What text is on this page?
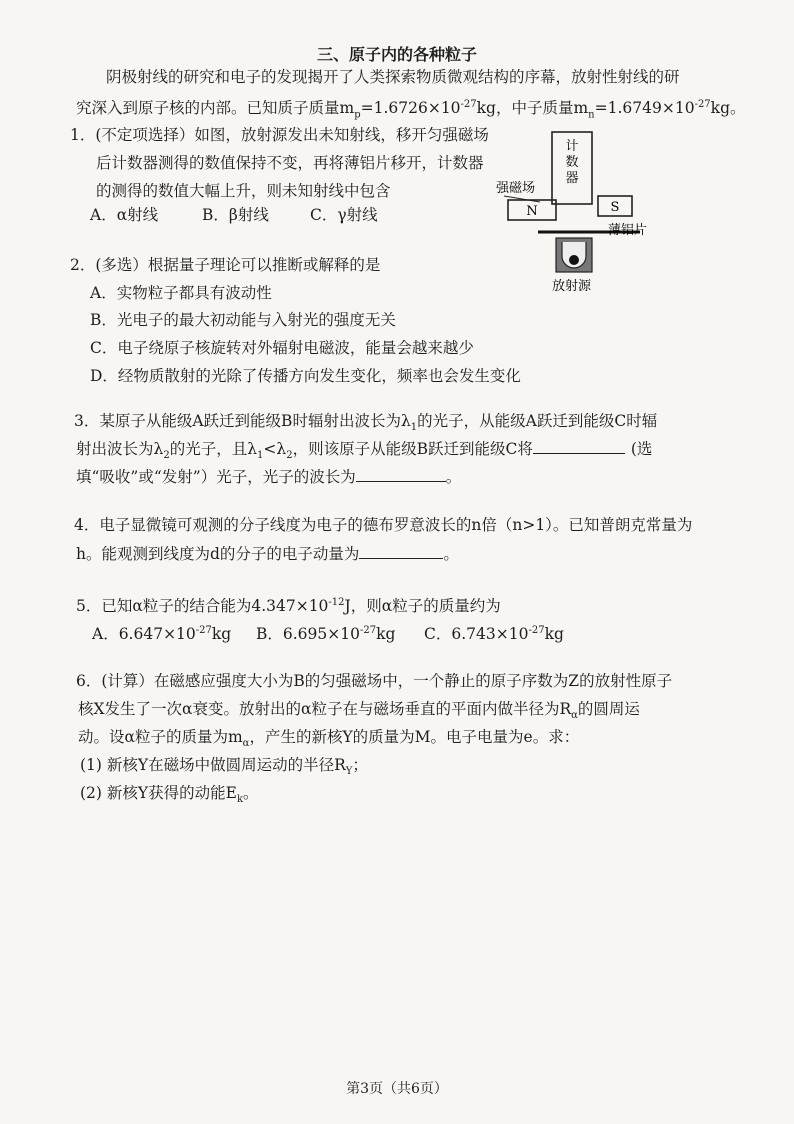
三、原子内的各种粒子
阴极射线的研究和电子的发现揭开了人类探索物质微观结构的序幕，放射性射线的研
究深入到原子核的内部。已知质子质量$m_p=1.6726\times 10^{-27}kg$，中子质量$m_n=1.6749\times 10^{-27}kg$。
1．(不定项选择）如图，放射源发出未知射线，移开匀强磁场
后计数器测得的数值保持不变，再将薄铝片移开，计数器
的测得的数值大幅上升，则未知射线中包含
A．α射线	B．β射线	C．γ射线
计
数
器
强磁场
N	S
薄铝片
放射源
2．(多选）根据量子理论可以推断或解释的是
A．实物粒子都具有波动性
B．光电子的最大初动能与入射光的强度无关
C．电子绕原子核旋转对外辐射电磁波，能量会越来越少
D．经物质散射的光除了传播方向发生变化，频率也会发生变化
3．某原子从能级A跃迁到能级B时辐射出波长为$\lambda_1$的光子，从能级A跃迁到能级C时辐
射出波长为$\lambda_2$的光子，且$\lambda_1<\lambda_2$，则该原子从能级B跃迁到能级C将	(选
填“吸收”或“发射”）光子，光子的波长为	。
4．电子显微镜可观测的分子线度为电子的德布罗意波长的n倍（n>1）。已知普朗克常量为
h。能观测到线度为d的分子的电子动量为	。
5．已知α粒子的结合能为$4.347\times 10^{-12}J$，则α粒子的质量约为
A．$6.647\times 10^{-27}kg$ B．$6.695\times 10^{-27}kg$ C．$6.743\times 10^{-27}kg$
6．(计算）在磁感应强度大小为B的匀强磁场中，一个静止的原子序数为Z的放射性原子
核X发生了一次α衰变。放射出的α粒子在与磁场垂直的平面内做半径为$R_\alpha$的圆周运
动。设α粒子的质量为$m_\alpha$，产生的新核Y的质量为M。电子电量为e。求：
(1) 新核Y在磁场中做圆周运动的半径$R_Y$；
(2) 新核Y获得的动能$E_k$。
第3页（共6页）
